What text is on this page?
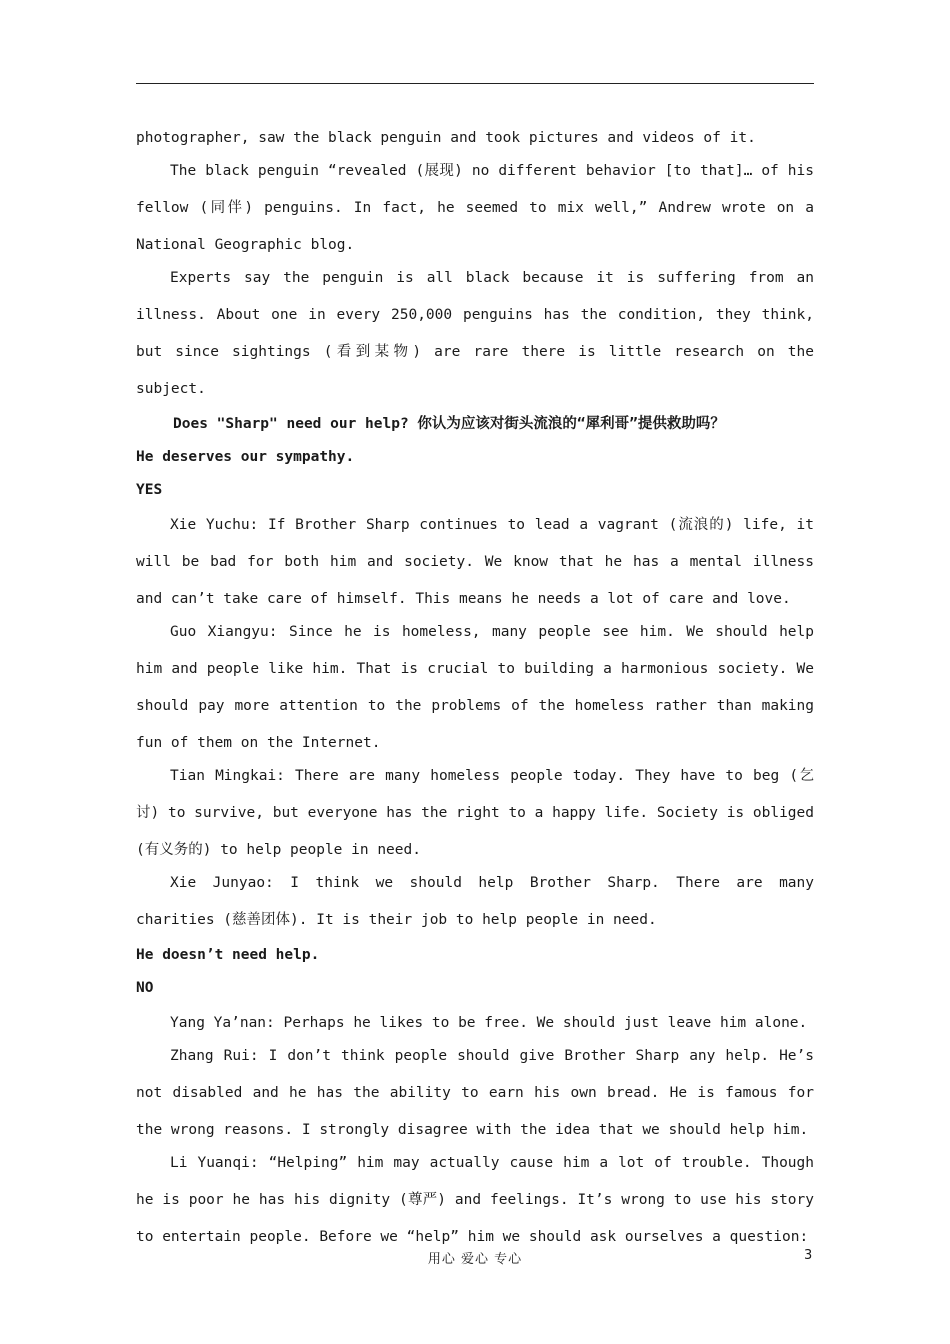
photographer, saw the black penguin and took pictures and videos of it.

The black penguin “revealed (展现) no different behavior [to that]… of his fellow (同伴) penguins. In fact, he seemed to mix well,” Andrew wrote on a National Geographic blog.

Experts say the penguin is all black because it is suffering from an illness. About one in every 250,000 penguins has the condition, they think, but since sightings (看到某物) are rare there is little research on the subject.

Does "Sharp" need our help? 你认为应该对街头流浪的“犀利哥”提供救助吗？

He deserves our sympathy.

YES

Xie Yuchu: If Brother Sharp continues to lead a vagrant (流浪的) life, it will be bad for both him and society. We know that he has a mental illness and can’t take care of himself. This means he needs a lot of care and love.

Guo Xiangyu: Since he is homeless, many people see him. We should help him and people like him. That is crucial to building a harmonious society. We should pay more attention to the problems of the homeless rather than making fun of them on the Internet.

Tian Mingkai: There are many homeless people today. They have to beg (乞讨) to survive, but everyone has the right to a happy life. Society is obliged (有义务的) to help people in need.

Xie Junyao: I think we should help Brother Sharp. There are many charities (慈善团体). It is their job to help people in need.

He doesn’t need help.

NO

Yang Ya’nan: Perhaps he likes to be free. We should just leave him alone.

Zhang Rui: I don’t think people should give Brother Sharp any help. He’s not disabled and he has the ability to earn his own bread. He is famous for the wrong reasons. I strongly disagree with the idea that we should help him.

Li Yuanqi: “Helping” him may actually cause him a lot of trouble. Though he is poor he has his dignity (尊严) and feelings. It’s wrong to use his story to entertain people. Before we “help” him we should ask ourselves a question:

用心 爱心 专心	3
